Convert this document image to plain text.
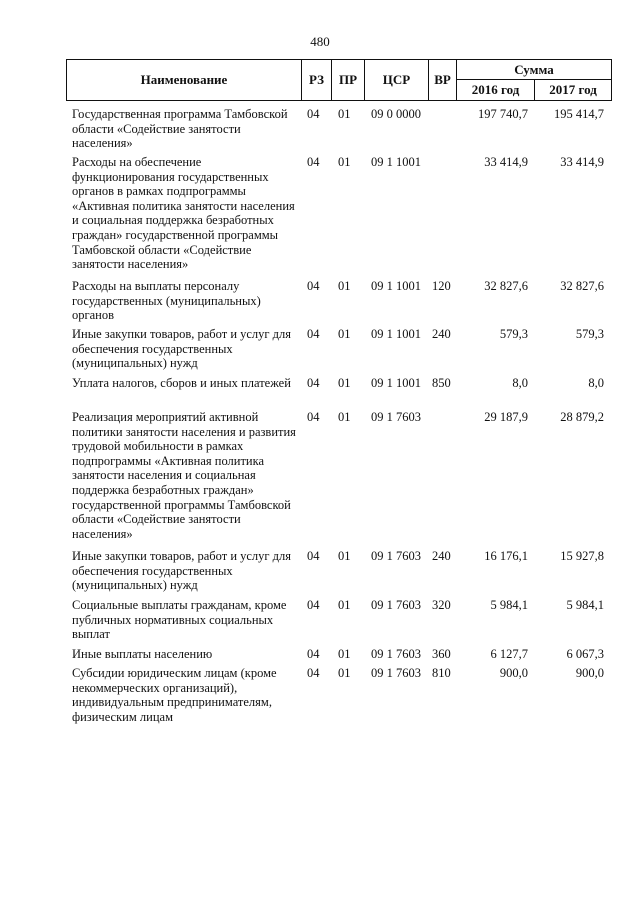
480
Наименование	РЗ	ПР	ЦСР	ВР	Сумма	
					2016 год	2017 год
Государственная программа Тамбовской области «Содействие занятости населения»
04	01	09 0 0000	197 740,7	195 414,7
Расходы на обеспечение функционирования государственных органов в рамках подпрограммы «Активная политика занятости населения и социальная поддержка безработных граждан» государственной программы Тамбовской области «Содействие занятости населения»
04	01	09 1 1001	33 414,9	33 414,9
Расходы на выплаты персоналу государственных (муниципальных) органов
04	01	09 1 1001 120	32 827,6	32 827,6
Иные закупки товаров, работ и услуг для обеспечения государственных (муниципальных) нужд
04	01	09 1 1001 240	579,3	579,3
Уплата налогов, сборов и иных платежей	04	01	09 1 1001 850	8,0	8,0
Реализация мероприятий активной политики занятости населения и развития трудовой мобильности в рамках подпрограммы «Активная политика занятости населения и социальная поддержка безработных граждан» государственной программы Тамбовской области «Содействие занятости населения»
04	01	09 1 7603	29 187,9	28 879,2
Иные закупки товаров, работ и услуг для обеспечения государственных (муниципальных) нужд
04	01	09 1 7603 240	16 176,1	15 927,8
Социальные выплаты гражданам, кроме публичных нормативных социальных выплат
04	01	09 1 7603 320	5 984,1	5 984,1
Иные выплаты населению	04	01	09 1 7603 360	6 127,7	6 067,3
Субсидии юридическим лицам (кроме некоммерческих организаций), индивидуальным предпринимателям, физическим лицам
04	01	09 1 7603 810	900,0	900,0
